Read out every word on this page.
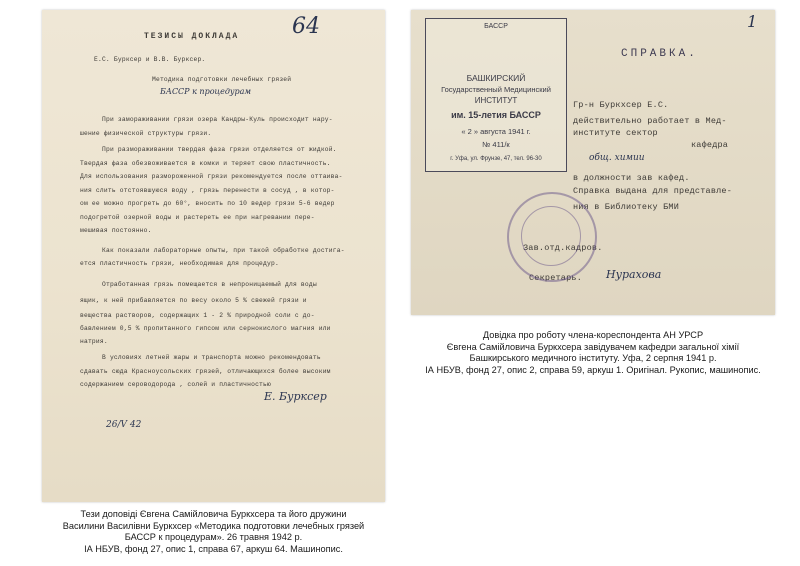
64
ТЕЗИСЫ ДОКЛАДА
Е.С. Бурксер и В.В. Бурксер.
Методика подготовки лечебных грязей
БАССР к процедурам
При замораживании грязи озера Кандры-Куль происходит нару-
шение физической структуры грязи.
При размораживании твердая фаза грязи отделяется от жидкой.
Твердая фаза обезвоживается в комки и теряет свою пластичность.
Для использования размороженной грязи рекомендуется после оттаива-
ния слить отстоявшуюся воду , грязь перенести в сосуд , в котор-
ом ее можно прогреть до 60°, вносить по 10 ведер грязи 5-6 ведер
подогретой озерной воды и растереть ее при нагревании пере-
мешивая постоянно.
Как показали лабораторные опыты, при такой обработке достига-
ется пластичность грязи, необходимая для процедур.
Отработанная грязь помещается в непроницаемый для воды
ящик, к ней прибавляется по весу около 5 % свежей грязи и
вещества растворов, содержащих 1 - 2 % природной соли с до-
бавлением 0,5 % пропитанного гипсом или сернокислого магния или
натрия.
В условиях летней жары и транспорта можно рекомендовать
сдавать сюда Красноусольских грязей, отличающихся более высоким
содержанием сероводорода , солей и пластичностью
Е. Бурксер
26/V 42
БАССР
БАШКИРСКИЙ
Государственный Медицинский
ИНСТИТУТ
им. 15-летия БАССР
« 2 » августа 1941 г.
№ 411/к
г. Уфа, ул. Фрунзе, 47, тел. 96-30
СПРАВКА.
1
Гр-н Буркхсер Е.С.
действительно работает в Мед-
институте сектор
кафедра
общ. химии
в должности зав кафед.
Справка выдана для представле-
ния в Библиотеку БМИ
Зав.отд.кадров.
Секретарь. Нурахова
Тези доповіді Євгена Самійловича Буркхсера та його дружини
Василини Василівни Буркхсер «Методика подготовки лечебных грязей
БАССР к процедурам». 26 травня 1942 р.
ІА НБУВ, фонд 27, опис 1, справа 67, аркуш 64. Машинопис.
Довідка про роботу члена-кореспондента АН УРСР
Євгена Самійловича Буркхсера завідувачем кафедри загальної хімії
Башкирського медичного інституту. Уфа, 2 серпня 1941 р.
ІА НБУВ, фонд 27, опис 2, справа 59, аркуш 1. Оригінал. Рукопис, машинопис.
